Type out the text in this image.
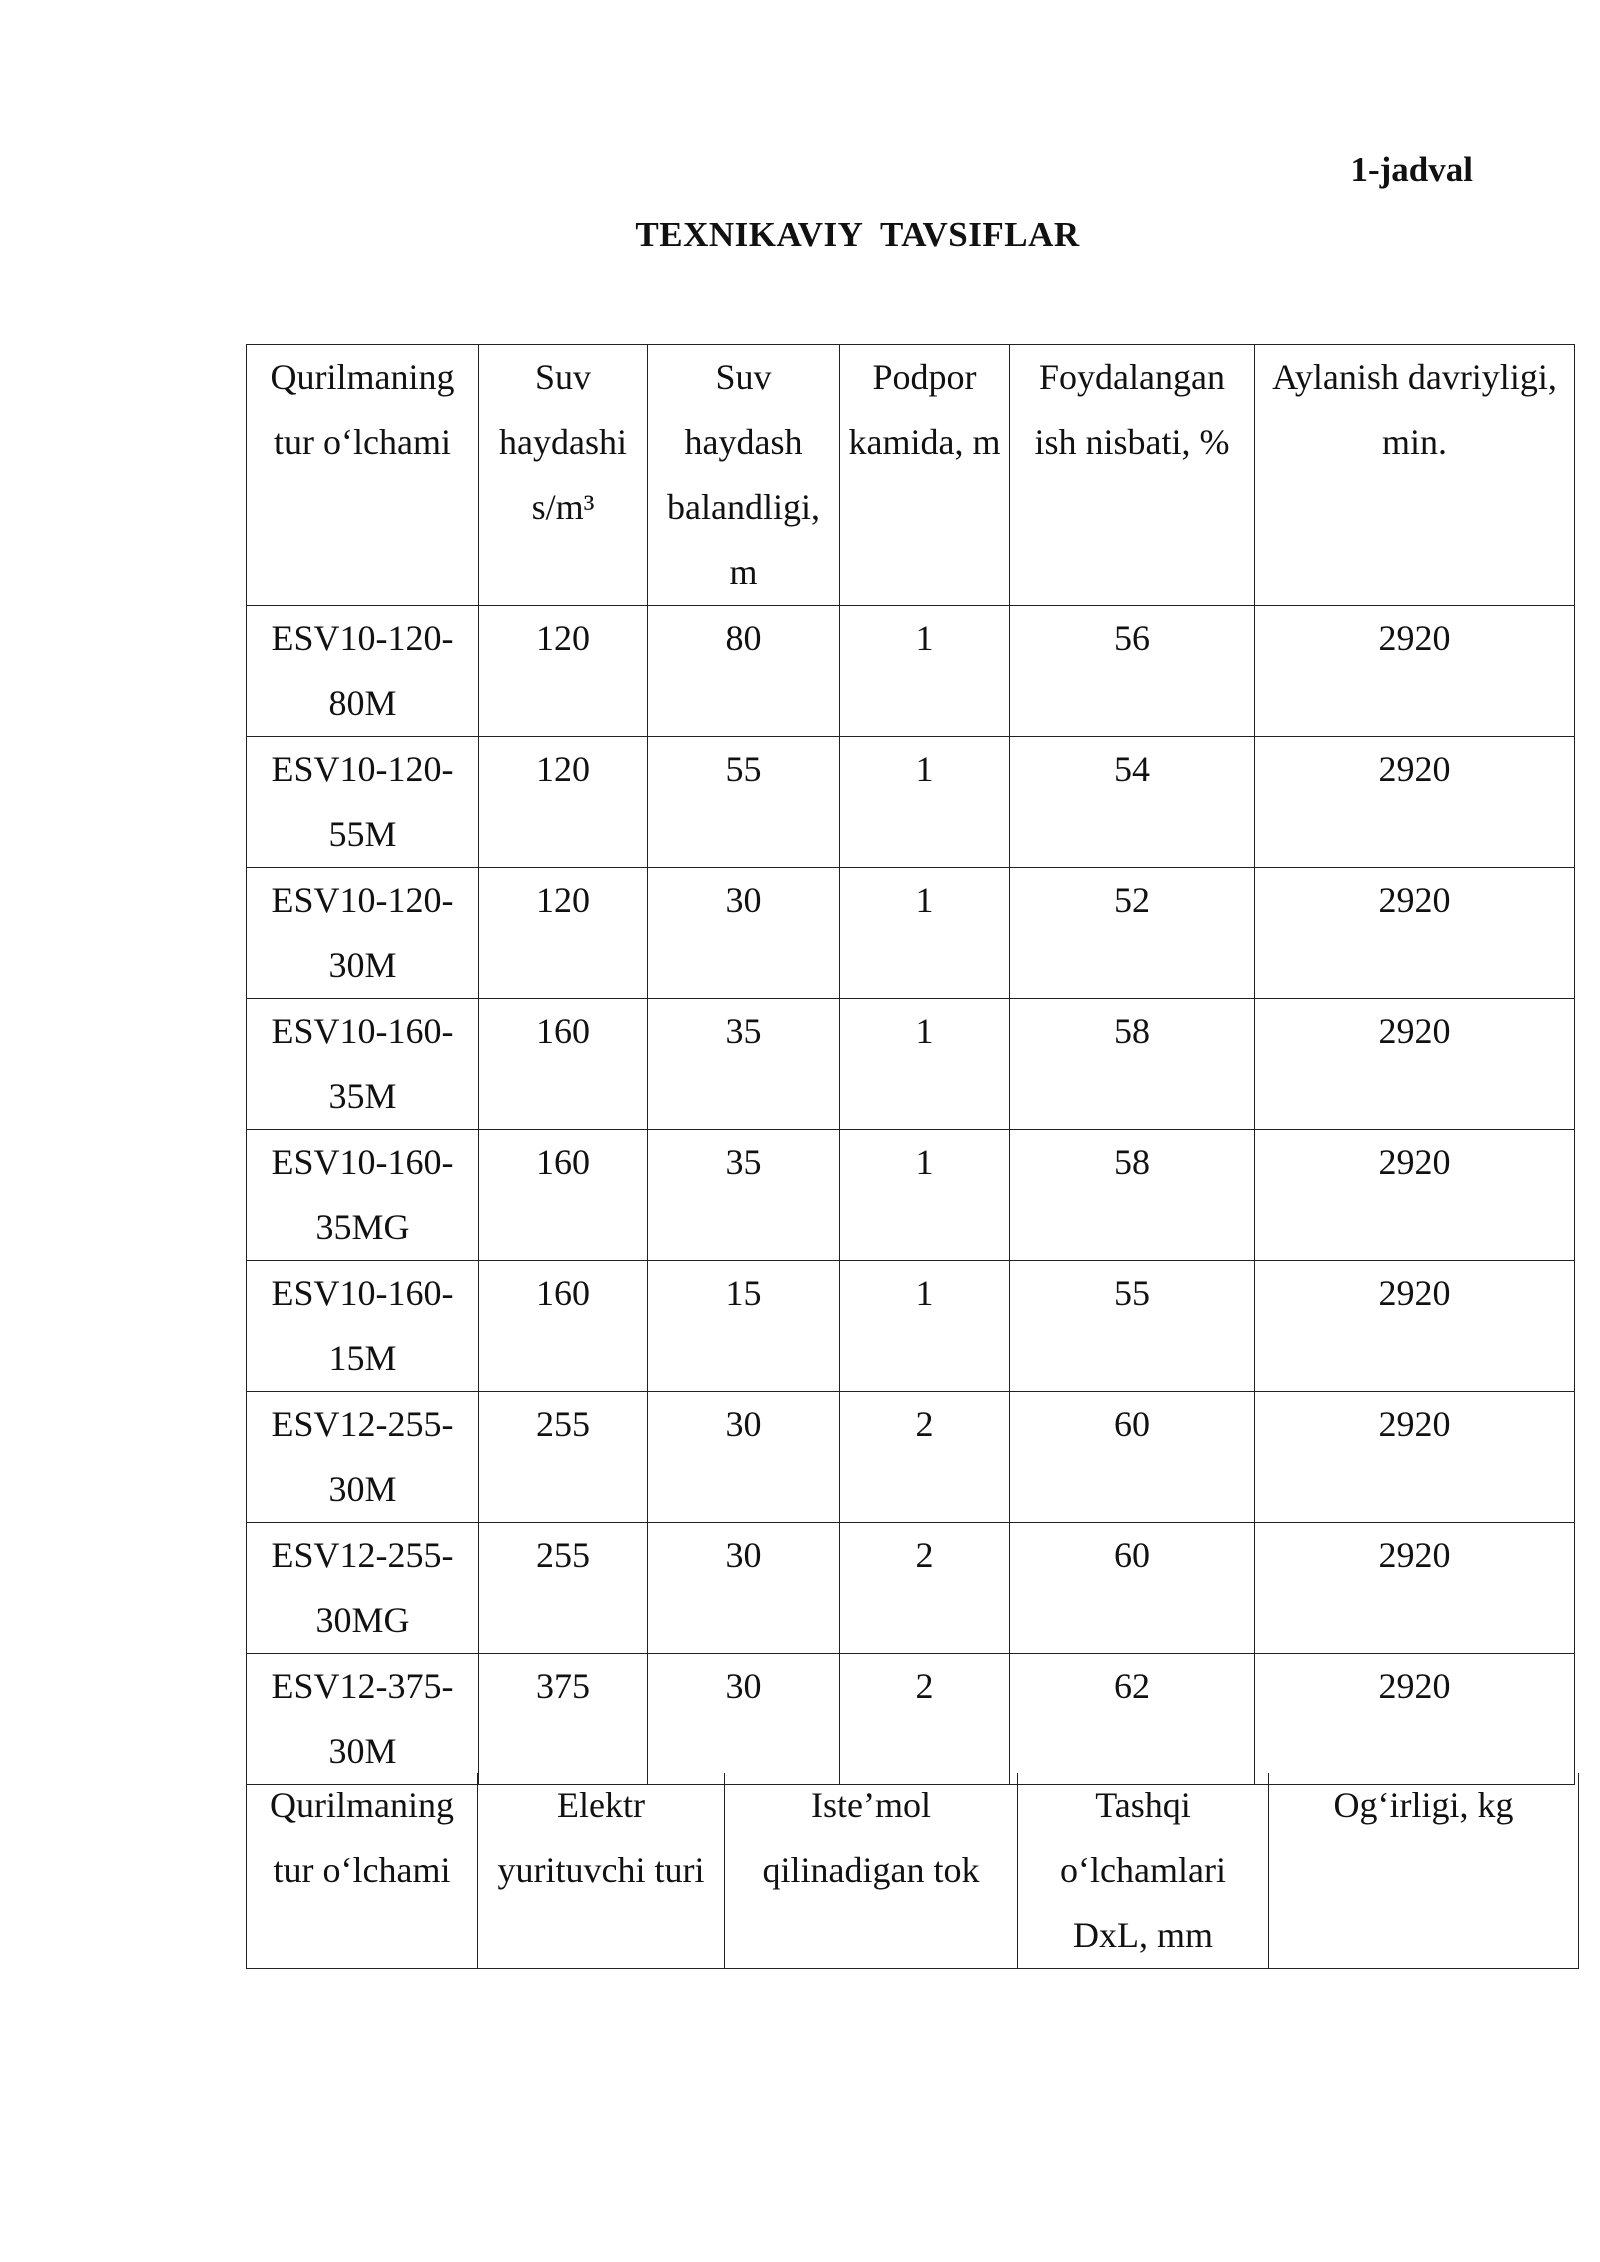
1-jadval
TEXNIKAVIY  TAVSIFLAR
Qurilmaning tur o‘lchami	Suv haydashi s/m³	Suv haydash balandligi, m	Podpor kamida, m	Foydalangan ish nisbati, %	Aylanish davriyligi, min.
ESV10-120-80M	120	80	1	56	2920
ESV10-120-55M	120	55	1	54	2920
ESV10-120-30M	120	30	1	52	2920
ESV10-160-35M	160	35	1	58	2920
ESV10-160-35MG	160	35	1	58	2920
ESV10-160-15M	160	15	1	55	2920
ESV12-255-30M	255	30	2	60	2920
ESV12-255-30MG	255	30	2	60	2920
ESV12-375-30M	375	30	2	62	2920
Qurilmaning tur o‘lchami	Elektr yurituvchi turi	Iste’mol qilinadigan tok	Tashqi o‘lchamlari DxL, mm	Og‘irligi, kg
